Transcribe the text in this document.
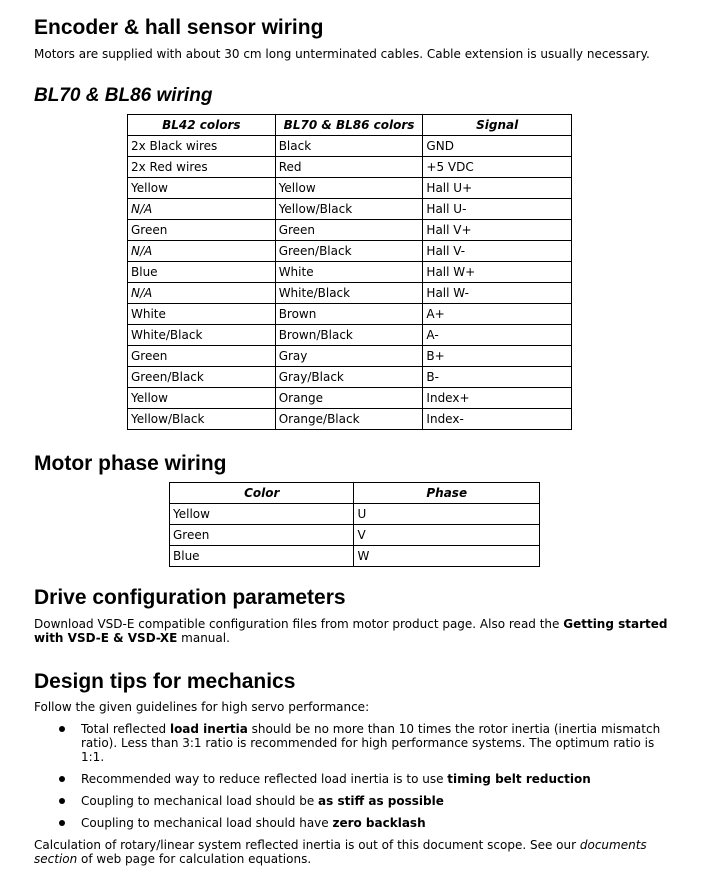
Encoder & hall sensor wiring

Motors are supplied with about 30 cm long unterminated cables. Cable extension is usually necessary.

BL70 & BL86 wiring
BL42 colors	BL70 & BL86 colors	Signal
2x Black wires	Black	GND
2x Red wires	Red	+5 VDC
Yellow	Yellow	Hall U+
N/A	Yellow/Black	Hall U-
Green	Green	Hall V+
N/A	Green/Black	Hall V-
Blue	White	Hall W+
N/A	White/Black	Hall W-
White	Brown	A+
White/Black	Brown/Black	A-
Green	Gray	B+
Green/Black	Gray/Black	B-
Yellow	Orange	Index+
Yellow/Black	Orange/Black	Index-
Motor phase wiring
Color	Phase
Yellow	U
Green	V
Blue	W
Drive configuration parameters

Download VSD-E compatible configuration files from motor product page. Also read the Getting started with VSD-E & VSD-XE manual.

Design tips for mechanics

Follow the given guidelines for high servo performance:

Total reflected load inertia should be no more than 10 times the rotor inertia (inertia mismatch ratio). Less than 3:1 ratio is recommended for high performance systems. The optimum ratio is 1:1.
Recommended way to reduce reflected load inertia is to use timing belt reduction
Coupling to mechanical load should be as stiff as possible
Coupling to mechanical load should have zero backlash

Calculation of rotary/linear system reflected inertia is out of this document scope. See our documents section of web page for calculation equations.
